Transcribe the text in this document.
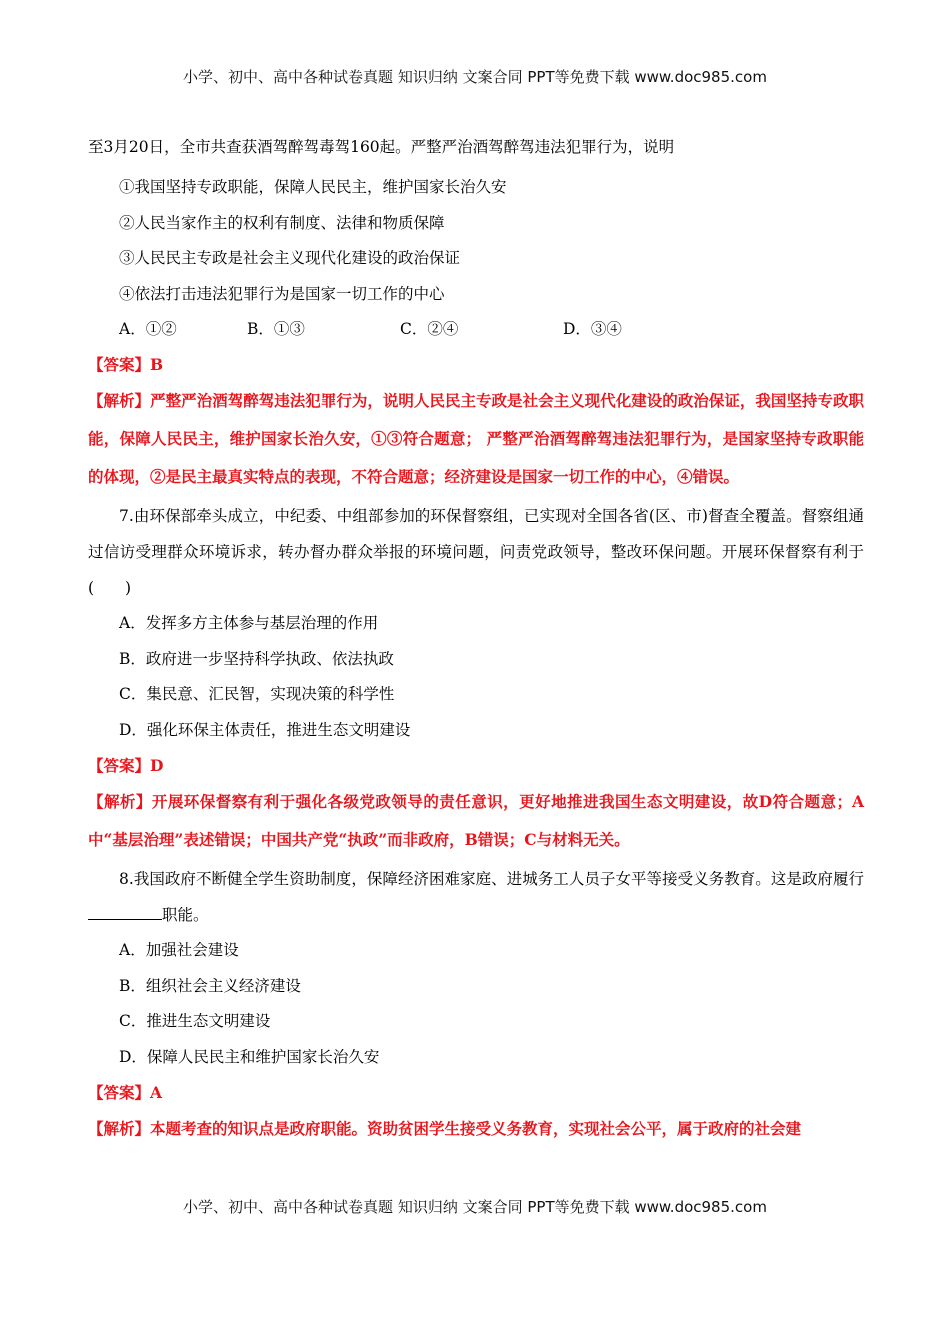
小学、初中、高中各种试卷真题 知识归纳 文案合同 PPT等免费下载 www.doc985.com
至3月20日，全市共查获酒驾醉驾毒驾160起。严整严治酒驾醉驾违法犯罪行为，说明
①我国坚持专政职能，保障人民民主，维护国家长治久安
②人民当家作主的权利有制度、法律和物质保障
③人民民主专政是社会主义现代化建设的政治保证
④依法打击违法犯罪行为是国家一切工作的中心
A．①②	B．①③	C．②④	D．③④
【答案】B
【解析】严整严治酒驾醉驾违法犯罪行为，说明人民民主专政是社会主义现代化建设的政治保证，我国坚持专政职能，保障人民民主，维护国家长治久安，①③符合题意； 严整严治酒驾醉驾违法犯罪行为，是国家坚持专政职能的体现，②是民主最真实特点的表现，不符合题意；经济建设是国家一切工作的中心，④错误。
7.由环保部牵头成立，中纪委、中组部参加的环保督察组，已实现对全国各省(区、市)督查全覆盖。督察组通过信访受理群众环境诉求，转办督办群众举报的环境问题，问责党政领导，整改环保问题。开展环保督察有利于(　　)
A．发挥多方主体参与基层治理的作用
B．政府进一步坚持科学执政、依法执政
C．集民意、汇民智，实现决策的科学性
D．强化环保主体责任，推进生态文明建设
【答案】D
【解析】开展环保督察有利于强化各级党政领导的责任意识，更好地推进我国生态文明建设，故D符合题意；A中“基层治理”表述错误；中国共产党“执政”而非政府，B错误；C与材料无关。
8.我国政府不断健全学生资助制度，保障经济困难家庭、进城务工人员子女平等接受义务教育。这是政府履行职能。
A．加强社会建设
B．组织社会主义经济建设
C．推进生态文明建设
D．保障人民民主和维护国家长治久安
【答案】A
【解析】本题考查的知识点是政府职能。资助贫困学生接受义务教育，实现社会公平，属于政府的社会建
小学、初中、高中各种试卷真题 知识归纳 文案合同 PPT等免费下载 www.doc985.com
